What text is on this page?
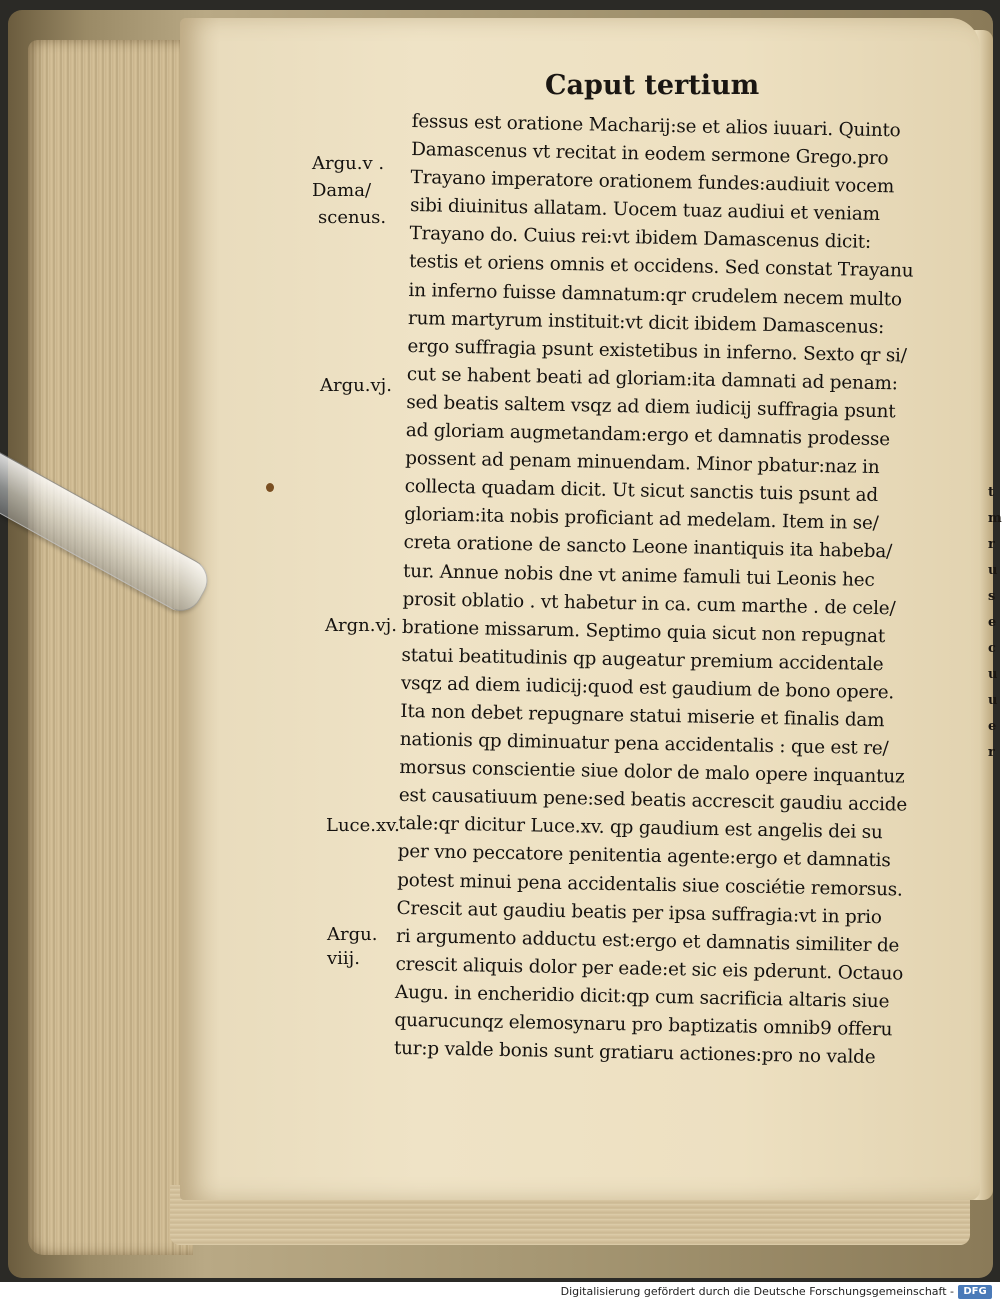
t
m
r
u
s
e
c
u
u
e
r
Caput tertium
fessus est oratione Macharij:se et alios iuuari. Quinto
Damascenus vt recitat in eodem sermone Grego.pro
Trayano imperatore orationem fundes:audiuit vocem
sibi diuinitus allatam. Uocem tuaz audiui et veniam
Trayano do. Cuius rei:vt ibidem Damascenus dicit:
testis et oriens omnis et occidens. Sed constat Trayanu
in inferno fuisse damnatum:qr crudelem necem multo
rum martyrum instituit:vt dicit ibidem Damascenus:
ergo suffragia psunt existetibus in inferno. Sexto qr si/
cut se habent beati ad gloriam:ita damnati ad penam:
sed beatis saltem vsqz ad diem iudicij suffragia psunt
ad gloriam augmetandam:ergo et damnatis prodesse
possent ad penam minuendam. Minor pbatur:naz in
collecta quadam dicit. Ut sicut sanctis tuis psunt ad
gloriam:ita nobis proficiant ad medelam. Item in se/
creta oratione de sancto Leone inantiquis ita habeba/
tur. Annue nobis dne vt anime famuli tui Leonis hec
prosit oblatio . vt habetur in ca. cum marthe . de cele/
bratione missarum. Septimo quia sicut non repugnat
statui beatitudinis qp augeatur premium accidentale
vsqz ad diem iudicij:quod est gaudium de bono opere.
Ita non debet repugnare statui miserie et finalis dam
nationis qp diminuatur pena accidentalis : que est re/
morsus conscientie siue dolor de malo opere inquantuz
est causatiuum pene:sed beatis accrescit gaudiu accide
tale:qr dicitur Luce.xv. qp gaudium est angelis dei su
per vno peccatore penitentia agente:ergo et damnatis
potest minui pena accidentalis siue cosciétie remorsus.
Crescit aut gaudiu beatis per ipsa suffragia:vt in prio
ri argumento adductu est:ergo et damnatis similiter de
crescit aliquis dolor per eade:et sic eis pderunt. Octauo
Augu. in encheridio dicit:qp cum sacrificia altaris siue
quarucunqz elemosynaru pro baptizatis omnib9 offeru
tur:p valde bonis sunt gratiaru actiones:pro no valde
Argu.v .
Dama/
scenus.
Argu.vj.
Argn.vj.
Luce.xv.
Argu.
viij.
Digitalisierung gefördert durch die Deutsche Forschungsgemeinschaft - DFG
